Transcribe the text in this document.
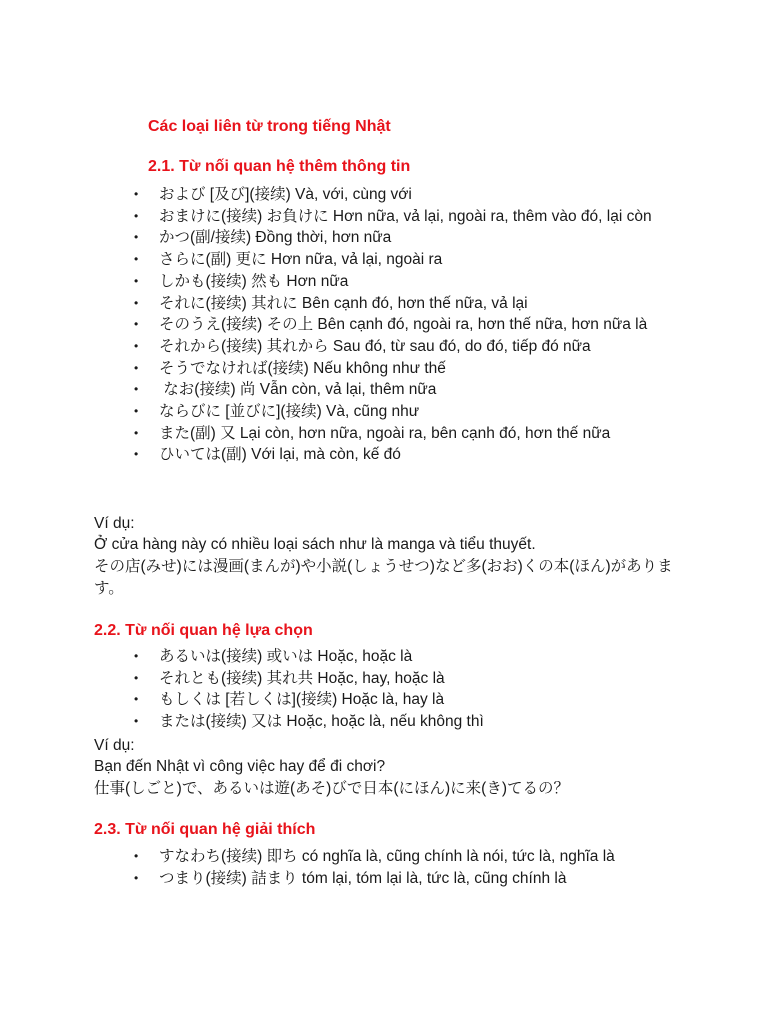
Các loại liên từ trong tiếng Nhật
2.1. Từ nối quan hệ thêm thông tin
• および [及び](接续) Và, với, cùng với
• おまけに(接续) お負けに Hơn nữa, vả lại, ngoài ra, thêm vào đó, lại còn
• かつ(副/接续) Đồng thời, hơn nữa
• さらに(副) 更に Hơn nữa, vả lại, ngoài ra
• しかも(接续) 然も Hơn nữa
• それに(接续) 其れに Bên cạnh đó, hơn thế nữa, vả lại
• そのうえ(接续) その上 Bên cạnh đó, ngoài ra, hơn thế nữa, hơn nữa là
• それから(接续) 其れから Sau đó, từ sau đó, do đó, tiếp đó nữa
• そうでなければ(接续) Nếu không như thế
• なお(接续) 尚 Vẫn còn, vả lại, thêm nữa
• ならびに [並びに](接续) Và, cũng như
• また(副) 又 Lại còn, hơn nữa, ngoài ra, bên cạnh đó, hơn thế nữa
• ひいては(副) Với lại, mà còn, kế đó
Ví dụ:
Ở cửa hàng này có nhiều loại sách như là manga và tiểu thuyết.
その店(みせ)には漫画(まんが)や小説(しょうせつ)など多(おお)くの本(ほん)があります。
2.2. Từ nối quan hệ lựa chọn
• あるいは(接续) 或いは Hoặc, hoặc là
• それとも(接续) 其れ共 Hoặc, hay, hoặc là
• もしくは [若しくは](接续) Hoặc là, hay là
• または(接续) 又は Hoặc, hoặc là, nếu không thì
Ví dụ:
Bạn đến Nhật vì công việc hay để đi chơi?
仕事(しごと)で、あるいは遊(あそ)びで日本(にほん)に来(き)てるの？
2.3. Từ nối quan hệ giải thích
• すなわち(接续) 即ち có nghĩa là, cũng chính là nói, tức là, nghĩa là
• つまり(接续) 詰まり tóm lại, tóm lại là, tức là, cũng chính là
